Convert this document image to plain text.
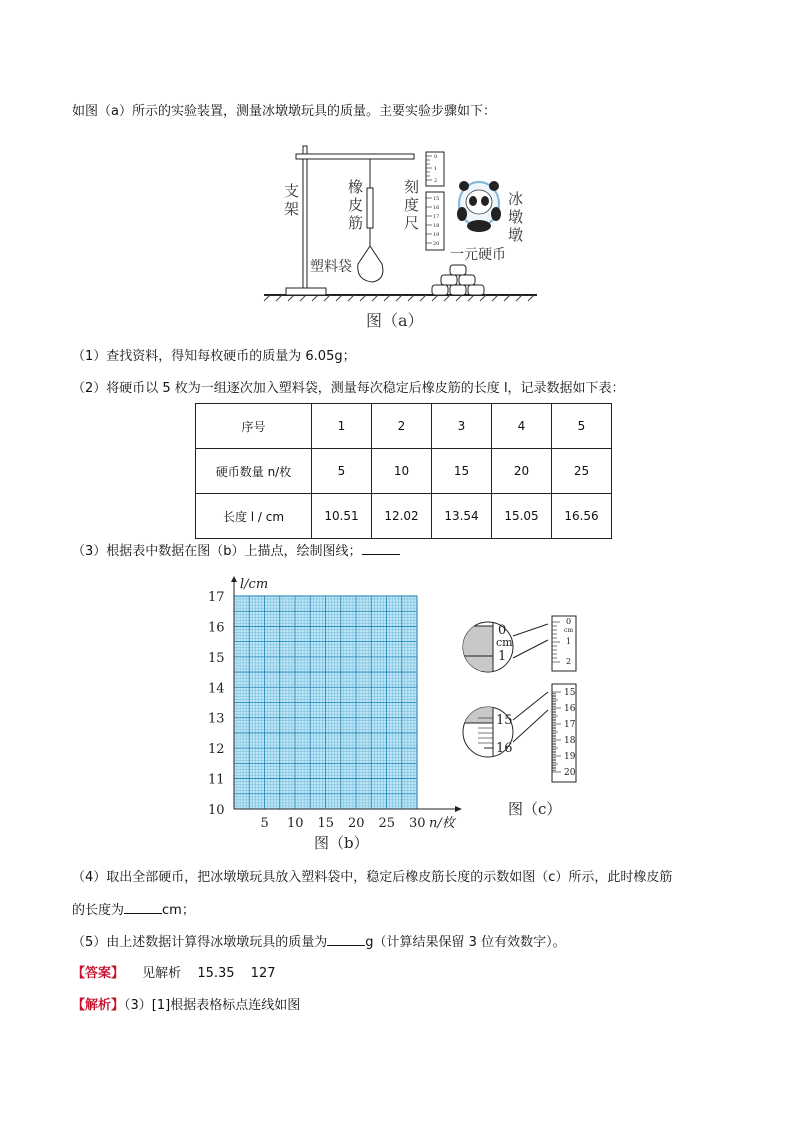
如图（a）所示的实验装置，测量冰墩墩玩具的质量。主要实验步骤如下：
0
1
2
15
16
17
18
19
20
支架
橡皮筋
刻度尺
冰墩墩
塑料袋
一元硬币
图（a）
（1）查找资料，得知每枚硬币的质量为 6.05g；
（2）将硬币以 5 枚为一组逐次加入塑料袋，测量每次稳定后橡皮筋的长度 l，记录数据如下表：
序号	1	2	3	4	5
硬币数量 n/枚	5	10	15	20	25
长度 l / cm	10.51	12.02	13.54	15.05	16.56
（3）根据表中数据在图（b）上描点，绘制图线；
10
11
12
13
14
15
16
17
5 10 15 20 25 30
l/cm
n/枚
图（b）
0
cm
1
0
cm
1
2
15
16
15
16
17
18
19
20
图（c）
（4）取出全部硬币，把冰墩墩玩具放入塑料袋中，稳定后橡皮筋长度的示数如图（c）所示，此时橡皮筋
的长度为	cm；
（5）由上述数据计算得冰墩墩玩具的质量为	g（计算结果保留 3 位有效数字）。
【答案】 见解析 15.35 127
【解析】（3）[1]根据表格标点连线如图
